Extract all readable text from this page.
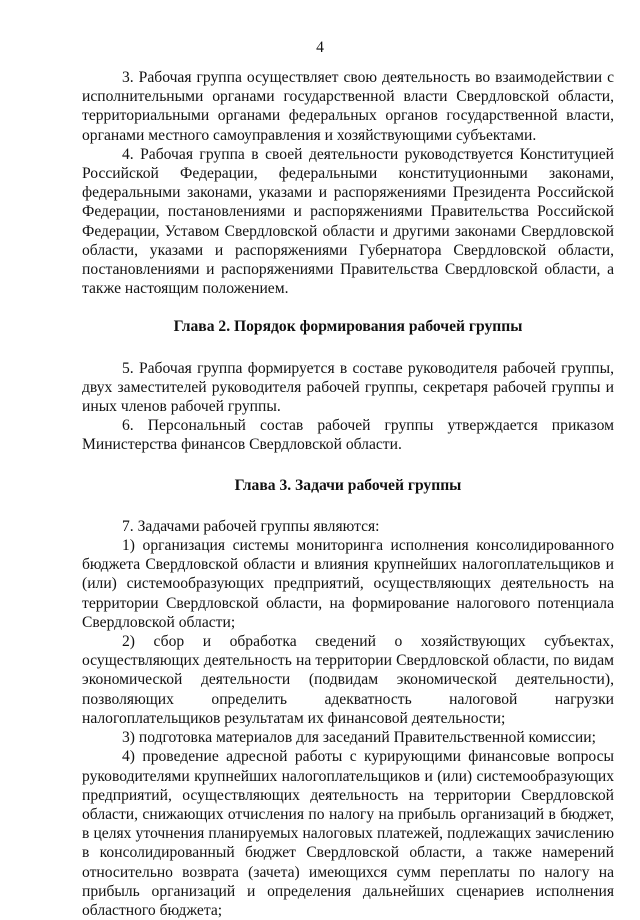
4

3. Рабочая группа осуществляет свою деятельность во взаимодействии с исполнительными органами государственной власти Свердловской области, территориальными органами федеральных органов государственной власти, органами местного самоуправления и хозяйствующими субъектами.

4. Рабочая группа в своей деятельности руководствуется Конституцией Российской Федерации, федеральными конституционными законами, федеральными законами, указами и распоряжениями Президента Российской Федерации, постановлениями и распоряжениями Правительства Российской Федерации, Уставом Свердловской области и другими законами Свердловской области, указами и распоряжениями Губернатора Свердловской области, постановлениями и распоряжениями Правительства Свердловской области, а также настоящим положением.

Глава 2. Порядок формирования рабочей группы

5. Рабочая группа формируется в составе руководителя рабочей группы, двух заместителей руководителя рабочей группы, секретаря рабочей группы и иных членов рабочей группы.

6. Персональный состав рабочей группы утверждается приказом Министерства финансов Свердловской области.

Глава 3. Задачи рабочей группы

7. Задачами рабочей группы являются:

1) организация системы мониторинга исполнения консолидированного бюджета Свердловской области и влияния крупнейших налогоплательщиков и (или) системообразующих предприятий, осуществляющих деятельность на территории Свердловской области, на формирование налогового потенциала Свердловской области;

2) сбор и обработка сведений о хозяйствующих субъектах, осуществляющих деятельность на территории Свердловской области, по видам экономической деятельности (подвидам экономической деятельности), позволяющих определить адекватность налоговой нагрузки налогоплательщиков результатам их финансовой деятельности;

3) подготовка материалов для заседаний Правительственной комиссии;

4) проведение адресной работы с курирующими финансовые вопросы руководителями крупнейших налогоплательщиков и (или) системообразующих предприятий, осуществляющих деятельность на территории Свердловской области, снижающих отчисления по налогу на прибыль организаций в бюджет, в целях уточнения планируемых налоговых платежей, подлежащих зачислению в консолидированный бюджет Свердловской области, а также намерений относительно возврата (зачета) имеющихся сумм переплаты по налогу на прибыль организаций и определения дальнейших сценариев исполнения областного бюджета;
